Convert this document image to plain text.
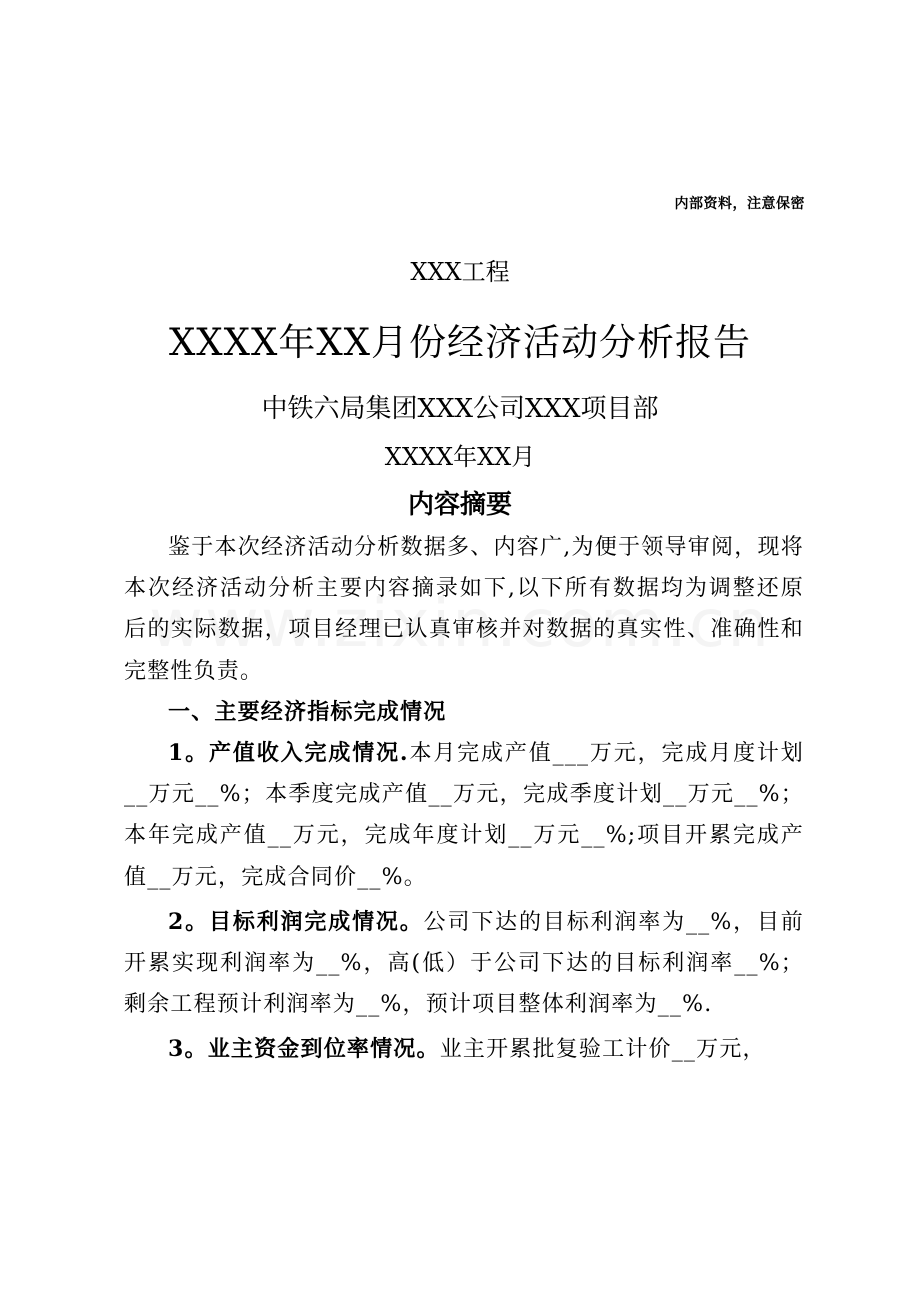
内部资料，注意保密
XXX工程
XXXX年XX月份经济活动分析报告
中铁六局集团XXX公司XXX项目部
XXXX年XX月
内容摘要

鉴于本次经济活动分析数据多、内容广,为便于领导审阅，现将本次经济活动分析主要内容摘录如下,以下所有数据均为调整还原后的实际数据，项目经理已认真审核并对数据的真实性、准确性和完整性负责。

一、主要经济指标完成情况

1。产值收入完成情况.本月完成产值___万元，完成月度计划__万元__%；本季度完成产值__万元，完成季度计划__万元__%；本年完成产值__万元，完成年度计划__万元__%;项目开累完成产值__万元，完成合同价__%。

2。目标利润完成情况。公司下达的目标利润率为__%，目前开累实现利润率为__%，高(低）于公司下达的目标利润率__%；剩余工程预计利润率为__%，预计项目整体利润率为__%.

3。业主资金到位率情况。业主开累批复验工计价__万元，
